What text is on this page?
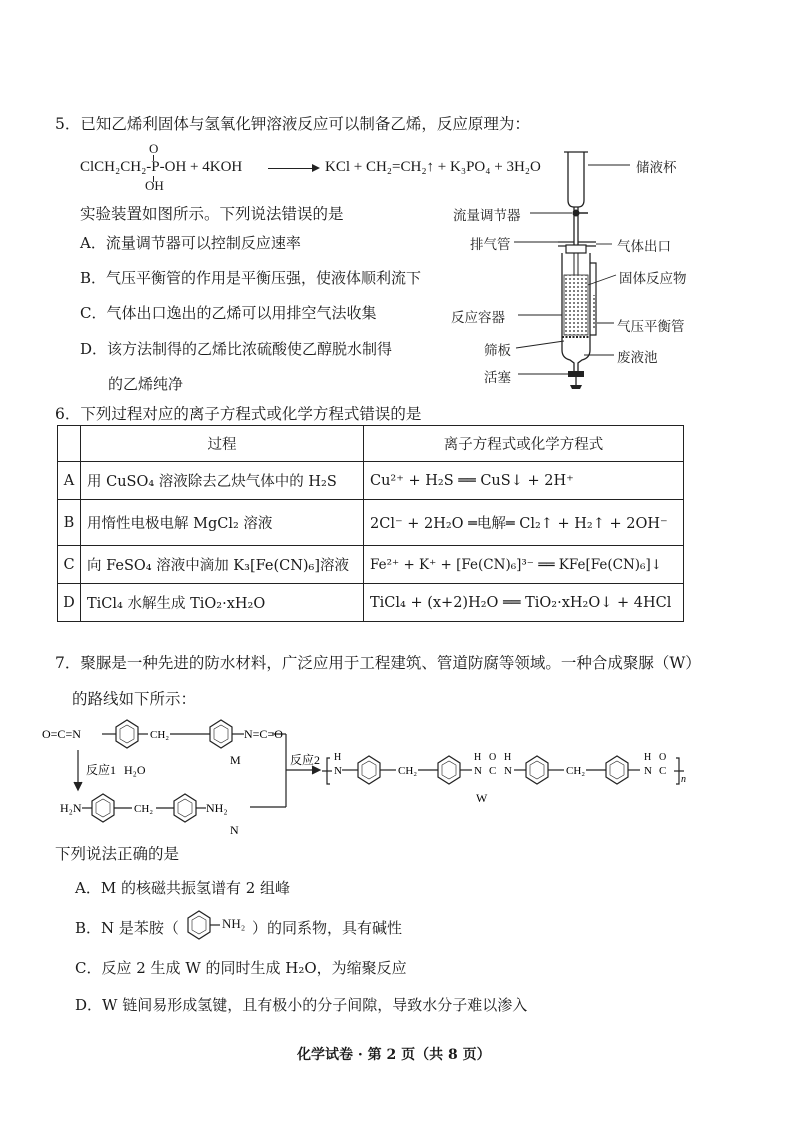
5．已知乙烯利固体与氢氧化钾溶液反应可以制备乙烯，反应原理为：
O
ClCH₂CH₂-P-OH + 4KOH	KCl + CH₂=CH₂↑ + K₃PO₄ + 3H₂O
OH
实验装置如图所示。下列说法错误的是
A．流量调节器可以控制反应速率
B．气压平衡管的作用是平衡压强，使液体顺利流下
C．气体出口逸出的乙烯可以用排空气法收集
D．该方法制得的乙烯比浓硫酸使乙醇脱水制得
的乙烯纯净
储液杯
气体出口
固体反应物
气压平衡管
废液池
流量调节器
排气管
反应容器
筛板
活塞
6．下列过程对应的离子方程式或化学方程式错误的是
	过程	离子方程式或化学方程式
A	用 CuSO₄ 溶液除去乙炔气体中的 H₂S	Cu²⁺ + H₂S ══ CuS↓ + 2H⁺
B	用惰性电极电解 MgCl₂ 溶液	2Cl⁻ + 2H₂O ═电解═ Cl₂↑ + H₂↑ + 2OH⁻
C	向 FeSO₄ 溶液中滴加 K₃[Fe(CN)₆]溶液	Fe²⁺ + K⁺ + [Fe(CN)₆]³⁻ ══ KFe[Fe(CN)₆]↓
D	TiCl₄ 水解生成 TiO₂·xH₂O	TiCl₄ + (x+2)H₂O ══ TiO₂·xH₂O↓ + 4HCl
7．聚脲是一种先进的防水材料，广泛应用于工程建筑、管道防腐等领域。一种合成聚脲（W）
的路线如下所示：
O=C=N	CH₂	N=C=O
M
反应1 H₂O
H₂N	CH₂	NH₂
N
反应2 H
N	CH₂
H O H
N C N	CH₂
H O
N C
n
W
下列说法正确的是
A．M 的核磁共振氢谱有 2 组峰
B．N 是苯胺（	NH₂ ）的同系物，具有碱性
C．反应 2 生成 W 的同时生成 H₂O，为缩聚反应
D．W 链间易形成氢键，且有极小的分子间隙，导致水分子难以渗入
化学试卷 · 第 2 页（共 8 页）
